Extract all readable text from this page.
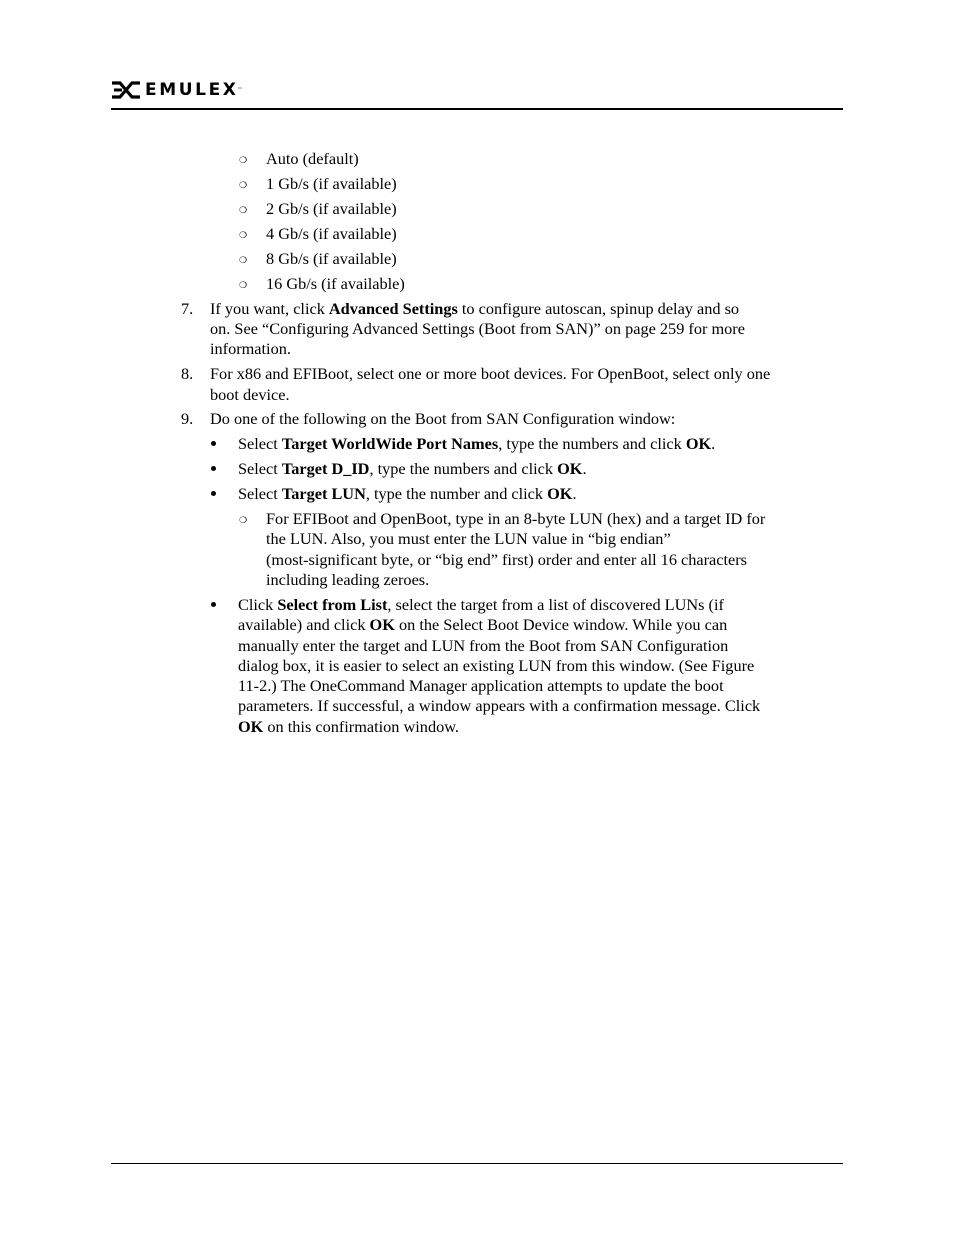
EMULEX ™
❍ Auto (default)
❍ 1 Gb/s (if available)
❍ 2 Gb/s (if available)
❍ 4 Gb/s (if available)
❍ 8 Gb/s (if available)
❍ 16 Gb/s (if available)
7. If you want, click Advanced Settings to configure autoscan, spinup delay and so
on. See “Configuring Advanced Settings (Boot from SAN)” on page 259 for more
information.
8. For x86 and EFIBoot, select one or more boot devices. For OpenBoot, select only one
boot device.
9. Do one of the following on the Boot from SAN Configuration window:
Select Target WorldWide Port Names, type the numbers and click OK.
Select Target D_ID, type the numbers and click OK.
Select Target LUN, type the number and click OK.
❍ For EFIBoot and OpenBoot, type in an 8-byte LUN (hex) and a target ID for
the LUN. Also, you must enter the LUN value in “big endian”
(most-significant byte, or “big end” first) order and enter all 16 characters
including leading zeroes.
Click Select from List, select the target from a list of discovered LUNs (if
available) and click OK on the Select Boot Device window. While you can
manually enter the target and LUN from the Boot from SAN Configuration
dialog box, it is easier to select an existing LUN from this window. (See Figure
11-2.) The OneCommand Manager application attempts to update the boot
parameters. If successful, a window appears with a confirmation message. Click
OK on this confirmation window.
